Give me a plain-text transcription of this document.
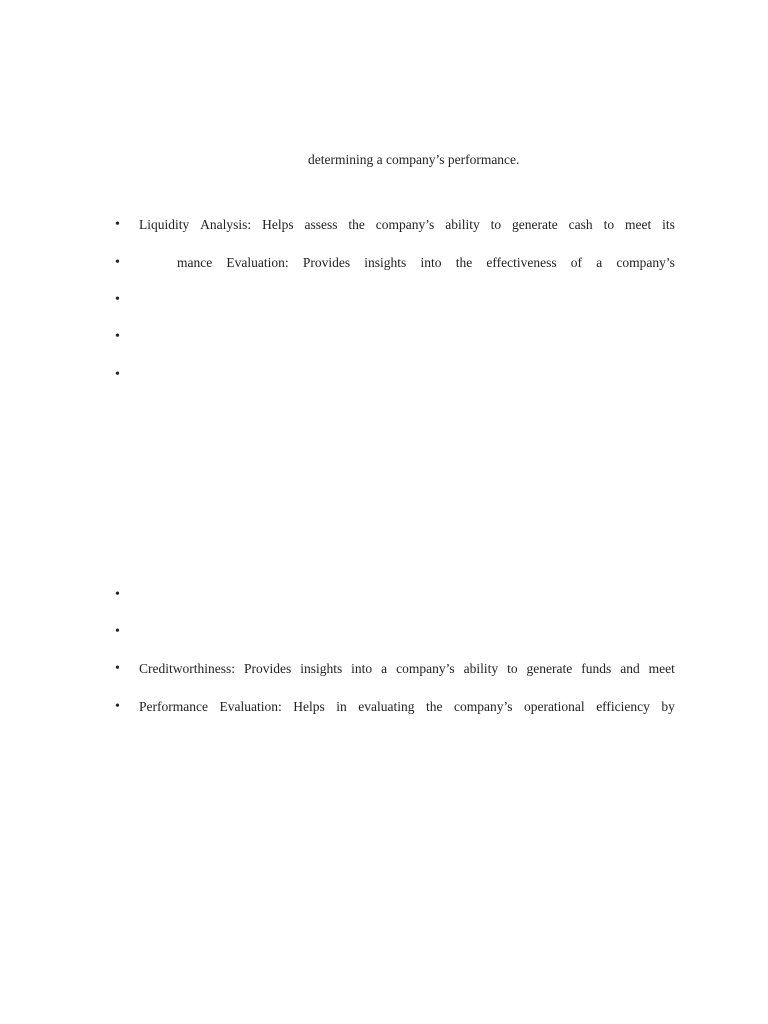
determining a company’s performance.
•
Liquidity Analysis: Helps assess the company’s ability to generate cash to meet its
•
mance Evaluation: Provides insights into the effectiveness of a company’s
•
•
•
•
•
•
Creditworthiness: Provides insights into a company’s ability to generate funds and meet
•
Performance Evaluation: Helps in evaluating the company’s operational efficiency by
